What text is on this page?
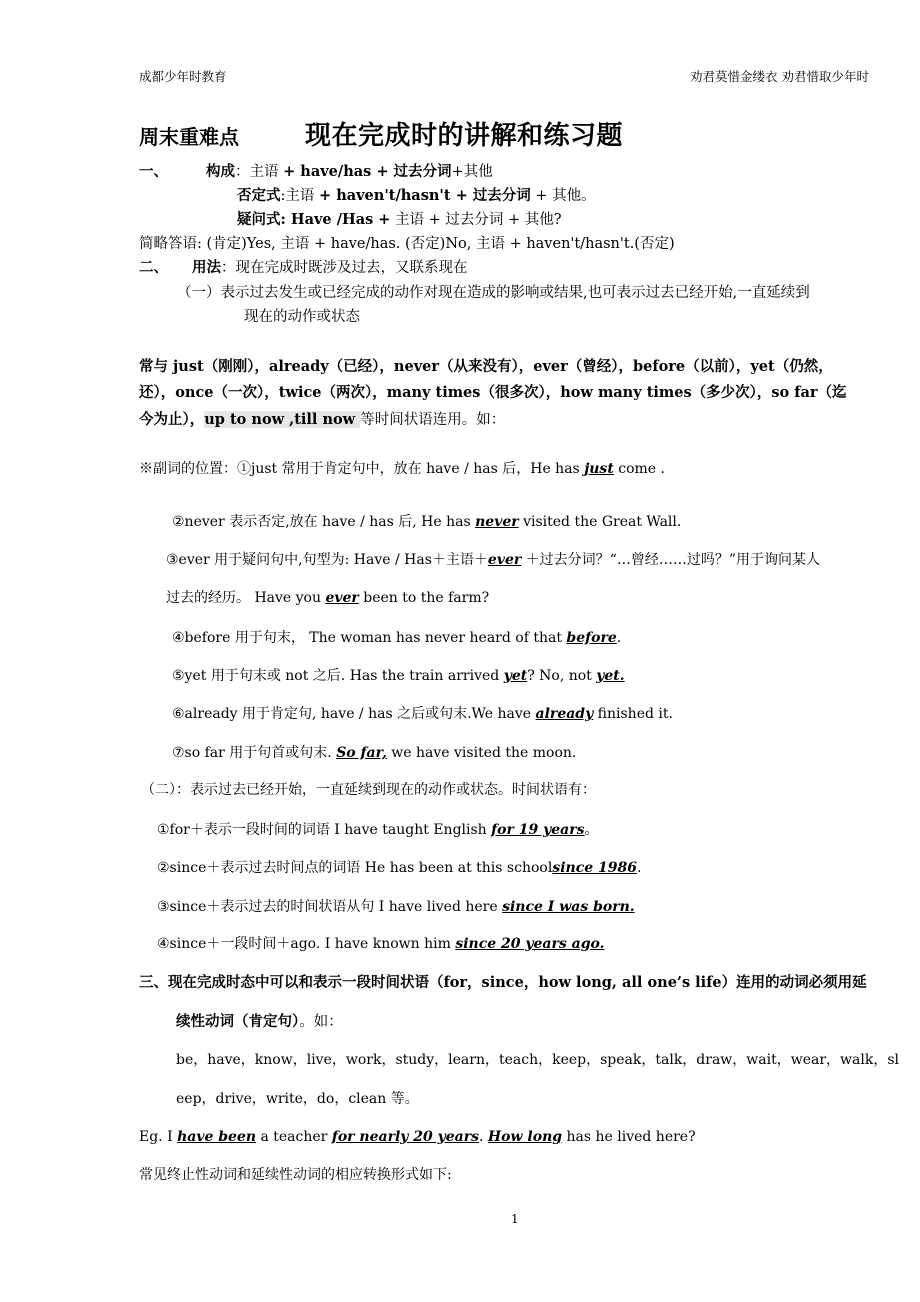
成都少年时教育	劝君莫惜金缕衣 劝君惜取少年时
周末重难点	现在完成时的讲解和练习题
一、	构成：主语 + have/has + 过去分词+其他
否定式:主语 + haven't/hasn't + 过去分词 + 其他。
疑问式: Have /Has + 主语 + 过去分词 + 其他?
简略答语: (肯定)Yes, 主语 + have/has. (否定)No, 主语 + haven't/hasn't.(否定)
二、 用法：现在完成时既涉及过去，又联系现在
（一）表示过去发生或已经完成的动作对现在造成的影响或结果,也可表示过去已经开始,一直延续到
现在的动作或状态
常与 just（刚刚），already（已经），never（从来没有），ever（曾经），before（以前），yet（仍然，
还），once（一次），twice（两次），many times（很多次），how many times（多少次），so far（迄
今为止），up to now ,till now 等时间状语连用。如：
※副词的位置：①just 常用于肯定句中，放在 have / has 后，He has just come .
②never 表示否定,放在 have / has 后, He has never visited the Great Wall.
③ever 用于疑问句中,句型为: Have / Has＋主语＋ever ＋过去分词？“…曾经……过吗？”用于询问某人
过去的经历。 Have you ever been to the farm?
④before 用于句末， The woman has never heard of that before.
⑤yet 用于句末或 not 之后. Has the train arrived yet? No, not yet.
⑥already 用于肯定句, have / has 之后或句末.We have already finished it.
⑦so far 用于句首或句末. So far, we have visited the moon.
（二）：表示过去已经开始，一直延续到现在的动作或状态。时间状语有：
①for＋表示一段时间的词语 I have taught English for 19 years。
②since＋表示过去时间点的词语 He has been at this schoolsince 1986.
③since＋表示过去的时间状语从句 I have lived here since I was born.
④since＋一段时间＋ago. I have known him since 20 years ago.
三、现在完成时态中可以和表示一段时间状语（for，since，how long, all one’s life）连用的动词必须用延
续性动词（肯定句）。如：
be，have，know，live，work，study，learn，teach，keep，speak，talk，draw，wait，wear，walk，sl
eep，drive，write，do，clean 等。
Eg. I have been a teacher for nearly 20 years. How long has he lived here?
常见终止性动词和延续性动词的相应转换形式如下:
1
